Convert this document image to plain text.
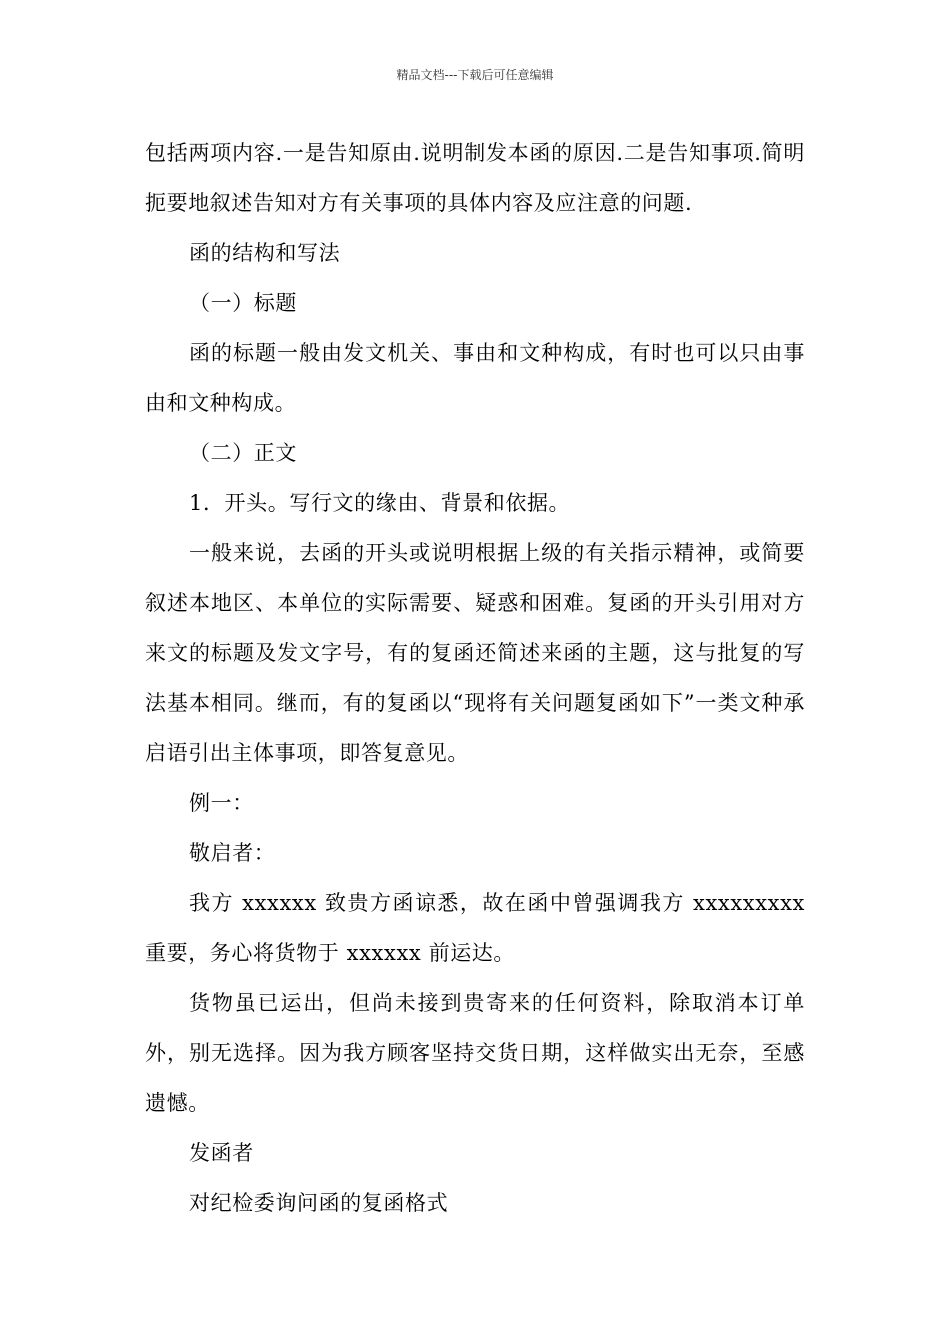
精品文档---下载后可任意编辑

包括两项内容.一是告知原由.说明制发本函的原因.二是告知事项.简明扼要地叙述告知对方有关事项的具体内容及应注意的问题.

函的结构和写法

（一）标题

函的标题一般由发文机关、事由和文种构成，有时也可以只由事由和文种构成。

（二）正文

1．开头。写行文的缘由、背景和依据。

一般来说，去函的开头或说明根据上级的有关指示精神，或简要叙述本地区、本单位的实际需要、疑惑和困难。复函的开头引用对方来文的标题及发文字号，有的复函还简述来函的主题，这与批复的写法基本相同。继而，有的复函以“现将有关问题复函如下”一类文种承启语引出主体事项，即答复意见。

例一：

敬启者：

我方 xxxxxx 致贵方函谅悉，故在函中曾强调我方 xxxxxxxxx 重要，务心将货物于 xxxxxx 前运达。

货物虽已运出，但尚未接到贵寄来的任何资料，除取消本订单外，别无选择。因为我方顾客坚持交货日期，这样做实出无奈，至感遗憾。

发函者

对纪检委询问函的复函格式
